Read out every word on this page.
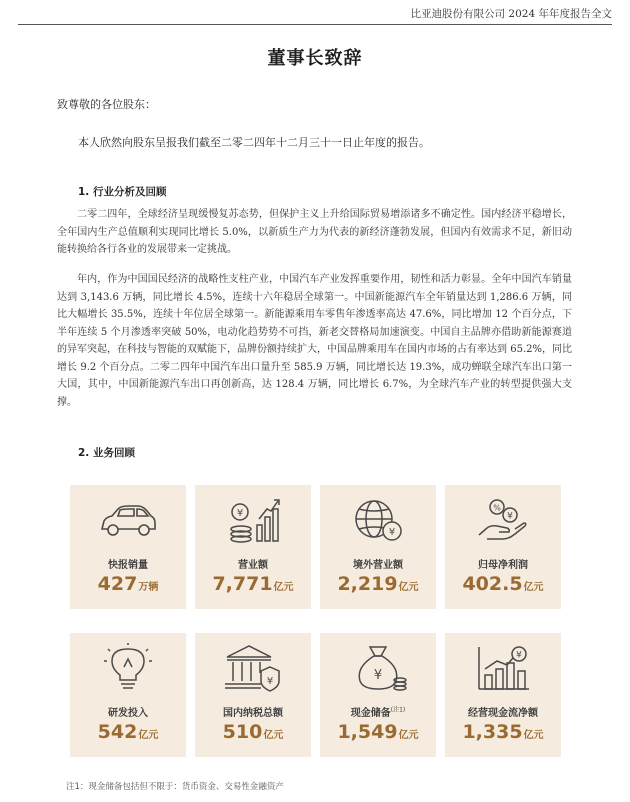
比亚迪股份有限公司 2024 年年度报告全文
董事长致辞
致尊敬的各位股东：
本人欣然向股东呈报我们截至二零二四年十二月三十一日止年度的报告。
1. 行业分析及回顾

二零二四年，全球经济呈现缓慢复苏态势，但保护主义上升给国际贸易增添诸多不确定性。国内经济平稳增长，全年国内生产总值顺利实现同比增长 5.0%，以新质生产力为代表的新经济蓬勃发展，但国内有效需求不足，新旧动能转换给各行各业的发展带来一定挑战。

年内，作为中国国民经济的战略性支柱产业，中国汽车产业发挥重要作用，韧性和活力彰显。全年中国汽车销量达到 3,143.6 万辆，同比增长 4.5%，连续十六年稳居全球第一。中国新能源汽车全年销量达到 1,286.6 万辆，同比大幅增长 35.5%，连续十年位居全球第一。新能源乘用车零售年渗透率高达 47.6%，同比增加 12 个百分点，下半年连续 5 个月渗透率突破 50%，电动化趋势势不可挡，新老交替格局加速演变。中国自主品牌亦借助新能源赛道的异军突起，在科技与智能的双赋能下，品牌份额持续扩大，中国品牌乘用车在国内市场的占有率达到 65.2%，同比增长 9.2 个百分点。二零二四年中国汽车出口量升至 585.9 万辆，同比增长达 19.3%，成功蝉联全球汽车出口第一大国，其中，中国新能源汽车出口再创新高，达 128.4 万辆，同比增长 6.7%，为全球汽车产业的转型提供强大支撑。

2. 业务回顾
快报销量
427万辆
¥
营业额
7,771亿元
¥
境外营业额
2,219亿元
%
¥
归母净利润
402.5亿元
研发投入
542亿元
¥
国内纳税总额
510亿元
¥
现金储备$^{(注1)}$
1,549亿元
¥
经营现金流净额
1,335亿元
注1：现金储备包括但不限于：货币资金、交易性金融资产
